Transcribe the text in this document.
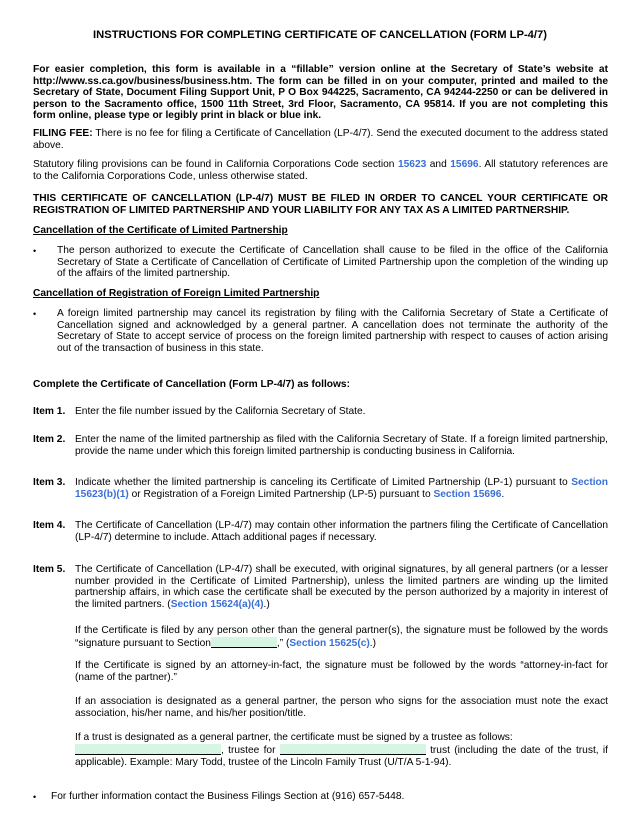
INSTRUCTIONS FOR COMPLETING CERTIFICATE OF CANCELLATION (FORM LP-4/7)

For easier completion, this form is available in a “fillable” version online at the Secretary of State’s website at http://www.ss.ca.gov/business/business.htm. The form can be filled in on your computer, printed and mailed to the Secretary of State, Document Filing Support Unit, P O Box 944225, Sacramento, CA 94244-2250 or can be delivered in person to the Sacramento office, 1500 11th Street, 3rd Floor, Sacramento, CA 95814. If you are not completing this form online, please type or legibly print in black or blue ink.

FILING FEE: There is no fee for filing a Certificate of Cancellation (LP-4/7). Send the executed document to the address stated above.

Statutory filing provisions can be found in California Corporations Code section 15623 and 15696. All statutory references are to the California Corporations Code, unless otherwise stated.

THIS CERTIFICATE OF CANCELLATION (LP-4/7) MUST BE FILED IN ORDER TO CANCEL YOUR CERTIFICATE OR REGISTRATION OF LIMITED PARTNERSHIP AND YOUR LIABILITY FOR ANY TAX AS A LIMITED PARTNERSHIP.

Cancellation of the Certificate of Limited Partnership

• The person authorized to execute the Certificate of Cancellation shall cause to be filed in the office of the California Secretary of State a Certificate of Cancellation of Certificate of Limited Partnership upon the completion of the winding up of the affairs of the limited partnership.

Cancellation of Registration of Foreign Limited Partnership

• A foreign limited partnership may cancel its registration by filing with the California Secretary of State a Certificate of Cancellation signed and acknowledged by a general partner. A cancellation does not terminate the authority of the Secretary of State to accept service of process on the foreign limited partnership with respect to causes of action arising out of the transaction of business in this state.

Complete the Certificate of Cancellation (Form LP-4/7) as follows:

Item 1. Enter the file number issued by the California Secretary of State.

Item 2. Enter the name of the limited partnership as filed with the California Secretary of State. If a foreign limited partnership, provide the name under which this foreign limited partnership is conducting business in California.

Item 3. Indicate whether the limited partnership is canceling its Certificate of Limited Partnership (LP-1) pursuant to Section 15623(b)(1) or Registration of a Foreign Limited Partnership (LP-5) pursuant to Section 15696.

Item 4. The Certificate of Cancellation (LP-4/7) may contain other information the partners filing the Certificate of Cancellation (LP-4/7) determine to include. Attach additional pages if necessary.

Item 5. The Certificate of Cancellation (LP-4/7) shall be executed, with original signatures, by all general partners (or a lesser number provided in the Certificate of Limited Partnership), unless the limited partners are winding up the limited partnership affairs, in which case the certificate shall be executed by the person authorized by a majority in interest of the limited partners. (Section 15624(a)(4).)

If the Certificate is filed by any person other than the general partner(s), the signature must be followed by the words “signature pursuant to Section	,” (Section 15625(c).)

If the Certificate is signed by an attorney-in-fact, the signature must be followed by the words “attorney-in-fact for (name of the partner).”

If an association is designated as a general partner, the person who signs for the association must note the exact association, his/her name, and his/her position/title.

If a trust is designated as a general partner, the certificate must be signed by a trustee as follows:

, trustee for	trust (including the date of the trust, if applicable). Example: Mary Todd, trustee of the Lincoln Family Trust (U/T/A 5-1-94).

• For further information contact the Business Filings Section at (916) 657-5448.
